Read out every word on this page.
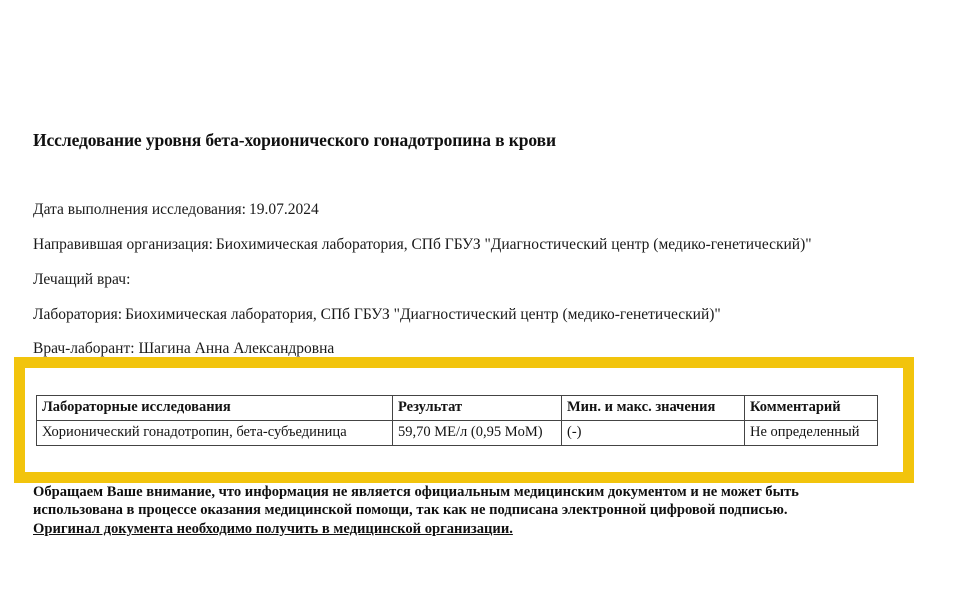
Исследование уровня бета-хорионического гонадотропина в крови
Дата выполнения исследования: 19.07.2024
Направившая организация: Биохимическая лаборатория, СПб ГБУЗ "Диагностический центр (медико-генетический)"
Лечащий врач:
Лаборатория: Биохимическая лаборатория, СПб ГБУЗ "Диагностический центр (медико-генетический)"
Врач-лаборант: Шагина Анна Александровна
Лабораторные исследования	Результат	Мин. и макс. значения	Комментарий
Хорионический гонадотропин, бета-субъединица	59,70 МЕ/л (0,95 MoM)	(-)	Не определенный
Обращаем Ваше внимание, что информация не является официальным медицинским документом и не может быть
использована в процессе оказания медицинской помощи, так как не подписана электронной цифровой подписью.
Оригинал документа необходимо получить в медицинской организации.
